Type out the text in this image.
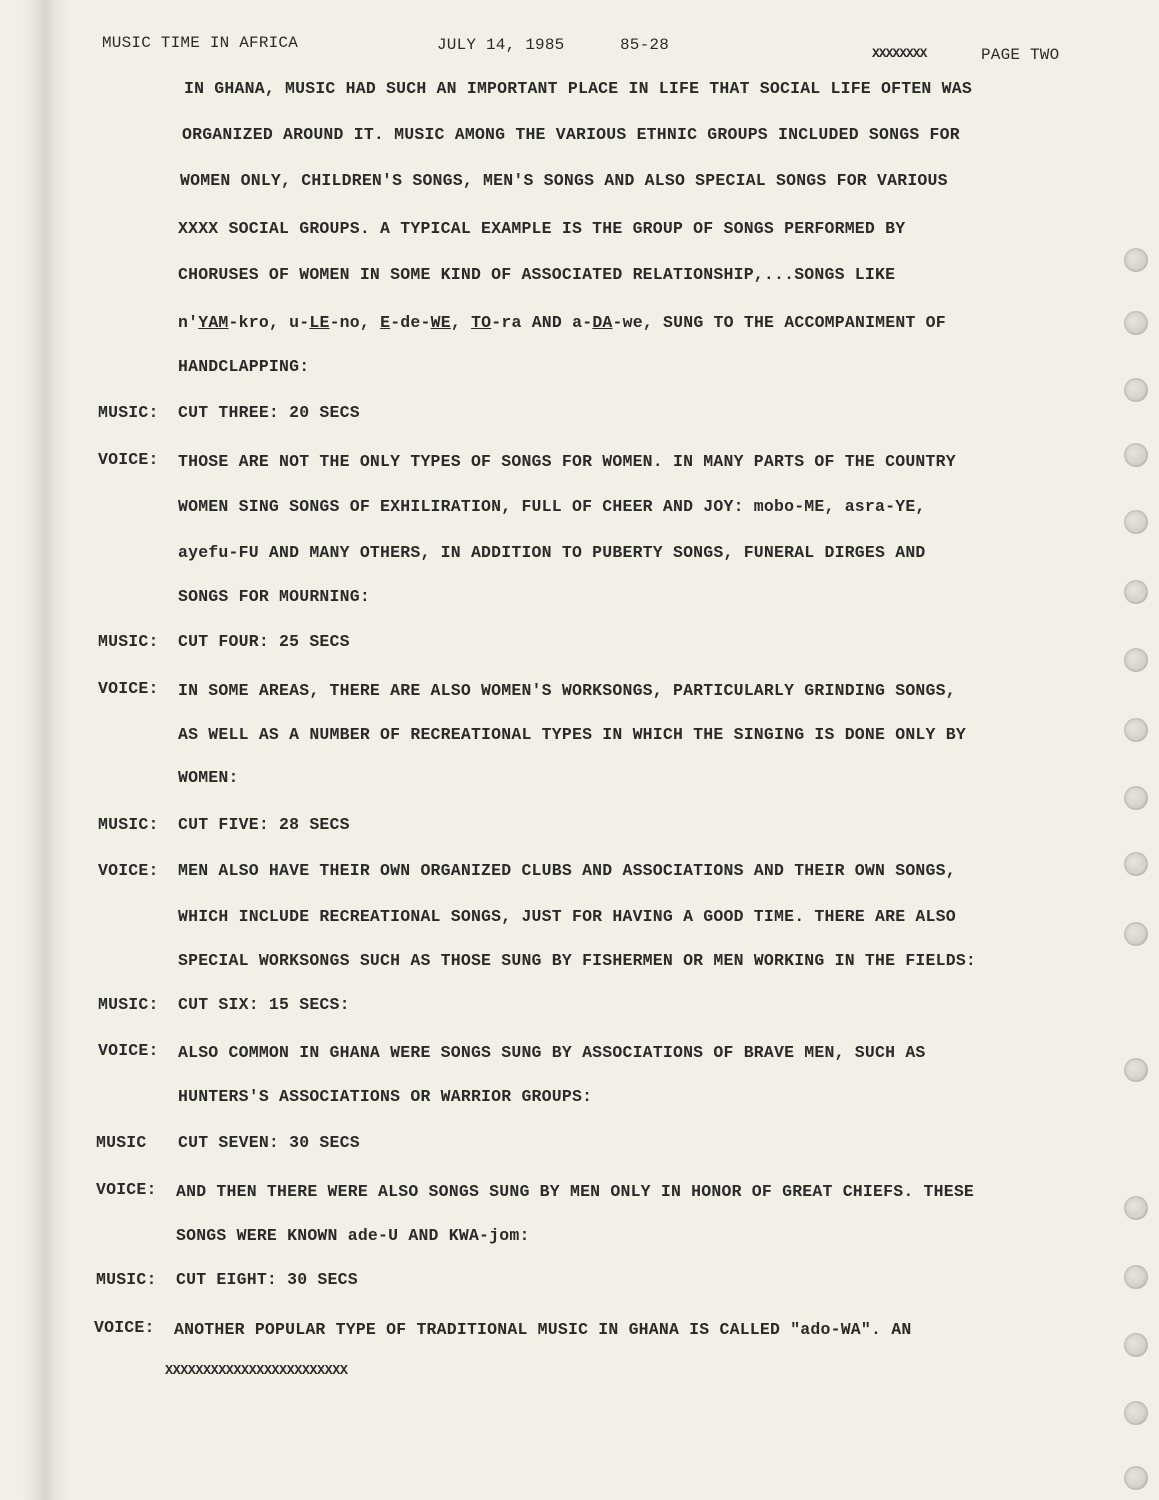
MUSIC TIME IN AFRICA	JULY 14, 1985	85-28	XXXXXXXX	PAGE TWO
IN GHANA, MUSIC HAD SUCH AN IMPORTANT PLACE IN LIFE THAT SOCIAL LIFE OFTEN WAS
ORGANIZED AROUND IT. MUSIC AMONG THE VARIOUS ETHNIC GROUPS INCLUDED SONGS FOR
WOMEN ONLY, CHILDREN'S SONGS, MEN'S SONGS AND ALSO SPECIAL SONGS FOR VARIOUS
XXXX SOCIAL GROUPS. A TYPICAL EXAMPLE IS THE GROUP OF SONGS PERFORMED BY
CHORUSES OF WOMEN IN SOME KIND OF ASSOCIATED RELATIONSHIP,...SONGS LIKE
n'YAM-kro, u-LE-no, E-de-WE, TO-ra AND a-DA-we, SUNG TO THE ACCOMPANIMENT OF
HANDCLAPPING:
MUSIC: CUT THREE: 20 SECS
VOICE: THOSE ARE NOT THE ONLY TYPES OF SONGS FOR WOMEN. IN MANY PARTS OF THE COUNTRY
WOMEN SING SONGS OF EXHILIRATION, FULL OF CHEER AND JOY: mobo-ME, asra-YE,
ayefu-FU AND MANY OTHERS, IN ADDITION TO PUBERTY SONGS, FUNERAL DIRGES AND
SONGS FOR MOURNING:
MUSIC: CUT FOUR: 25 SECS
VOICE: IN SOME AREAS, THERE ARE ALSO WOMEN'S WORKSONGS, PARTICULARLY GRINDING SONGS,
AS WELL AS A NUMBER OF RECREATIONAL TYPES IN WHICH THE SINGING IS DONE ONLY BY
WOMEN:
MUSIC: CUT FIVE: 28 SECS
VOICE: MEN ALSO HAVE THEIR OWN ORGANIZED CLUBS AND ASSOCIATIONS AND THEIR OWN SONGS,
WHICH INCLUDE RECREATIONAL SONGS, JUST FOR HAVING A GOOD TIME. THERE ARE ALSO
SPECIAL WORKSONGS SUCH AS THOSE SUNG BY FISHERMEN OR MEN WORKING IN THE FIELDS:
MUSIC: CUT SIX: 15 SECS:
VOICE: ALSO COMMON IN GHANA WERE SONGS SUNG BY ASSOCIATIONS OF BRAVE MEN, SUCH AS
HUNTERS'S ASSOCIATIONS OR WARRIOR GROUPS:
MUSIC CUT SEVEN: 30 SECS
VOICE: AND THEN THERE WERE ALSO SONGS SUNG BY MEN ONLY IN HONOR OF GREAT CHIEFS. THESE
SONGS WERE KNOWN ade-U AND KWA-jom:
MUSIC: CUT EIGHT: 30 SECS
VOICE: ANOTHER POPULAR TYPE OF TRADITIONAL MUSIC IN GHANA IS CALLED "ado-WA". AN
XXXXXXXXXXXXXXXXXXXXXXXX
